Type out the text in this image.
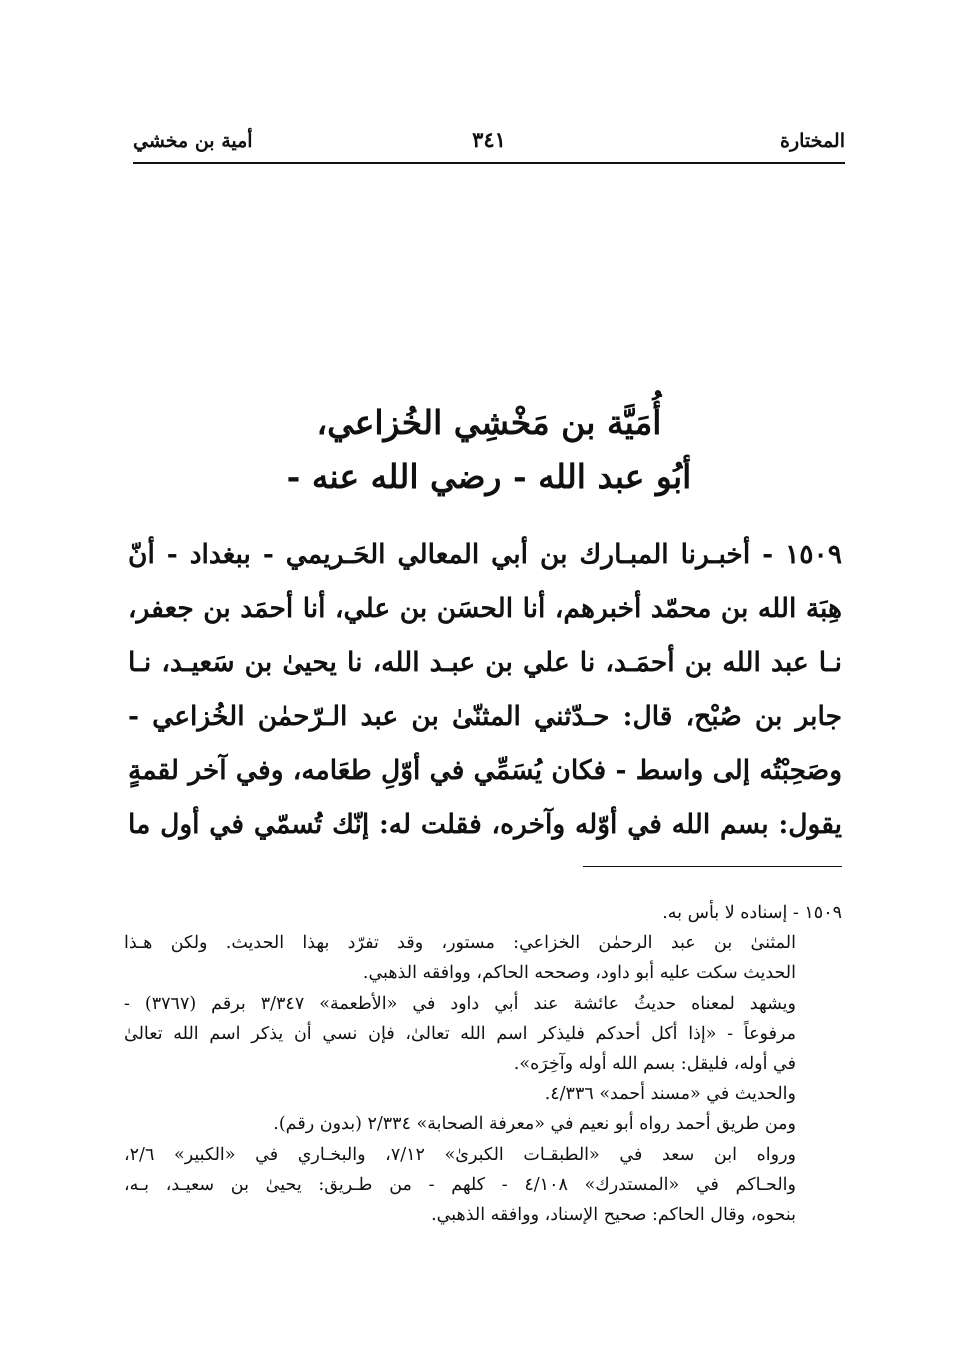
المختارة
٣٤١
أمية بن مخشي
أُمَيَّة بن مَخْشِي الخُزاعي،
أبُو عبد الله - رضي الله عنه -
١٥٠٩ - أخبـرنا المبـارك بن أبي المعالي الحَـريمي - ببغداد - أنّ
هِبَة الله بن محمّد أخبرهم، أنا الحسَن بن علي، أنا أحمَد بن جعفر،
نـا عبد الله بن أحمَـد، نا علي بن عبـد الله، نا يحيىٰ بن سَعيـد، نـا
جابر بن صُبْح، قال: حـدّثني المثنّىٰ بن عبد الـرّحمٰن الخُزاعي -
وصَحِبْتُه إلى واسط - فكان يُسَمِّي في أوّلِ طعَامه، وفي آخر لقمةٍ
يقول: بسم الله في أوّله وآخره، فقلت له: إنّك تُسمّي في أول ما
١٥٠٩ - إسناده لا بأس به.
المثنىٰ بن عبد الرحمٰن الخزاعي: مستور، وقد تفرّد بهذا الحديث. ولكن هـذا
الحديث سكت عليه أبو داود، وصححه الحاكم، ووافقه الذهبي.
ويشهد لمعناه حديثُ عائشة عند أبي داود في «الأطعمة» ٣/٣٤٧ برقم (٣٧٦٧) -
مرفوعاً - «إذا أكل أحدكم فليذكر اسم الله تعالىٰ، فإن نسي أن يذكر اسم الله تعالىٰ
في أوله، فليقل: بسم الله أوله وآخِرَه».
والحديث في «مسند أحمد» ٤/٣٣٦.
ومن طريق أحمد رواه أبو نعيم في «معرفة الصحابة» ٢/٣٣٤ (بدون رقم).
ورواه ابن سعد في «الطبقـات الكبرىٰ» ٧/١٢، والبخـاري في «الكبير» ٢/٦،
والحـاكم في «المستدرك» ٤/١٠٨ - كلهم - من طـريق: يحيىٰ بن سعيـد، بـه،
بنحوه، وقال الحاكم: صحيح الإسناد، ووافقه الذهبي.
